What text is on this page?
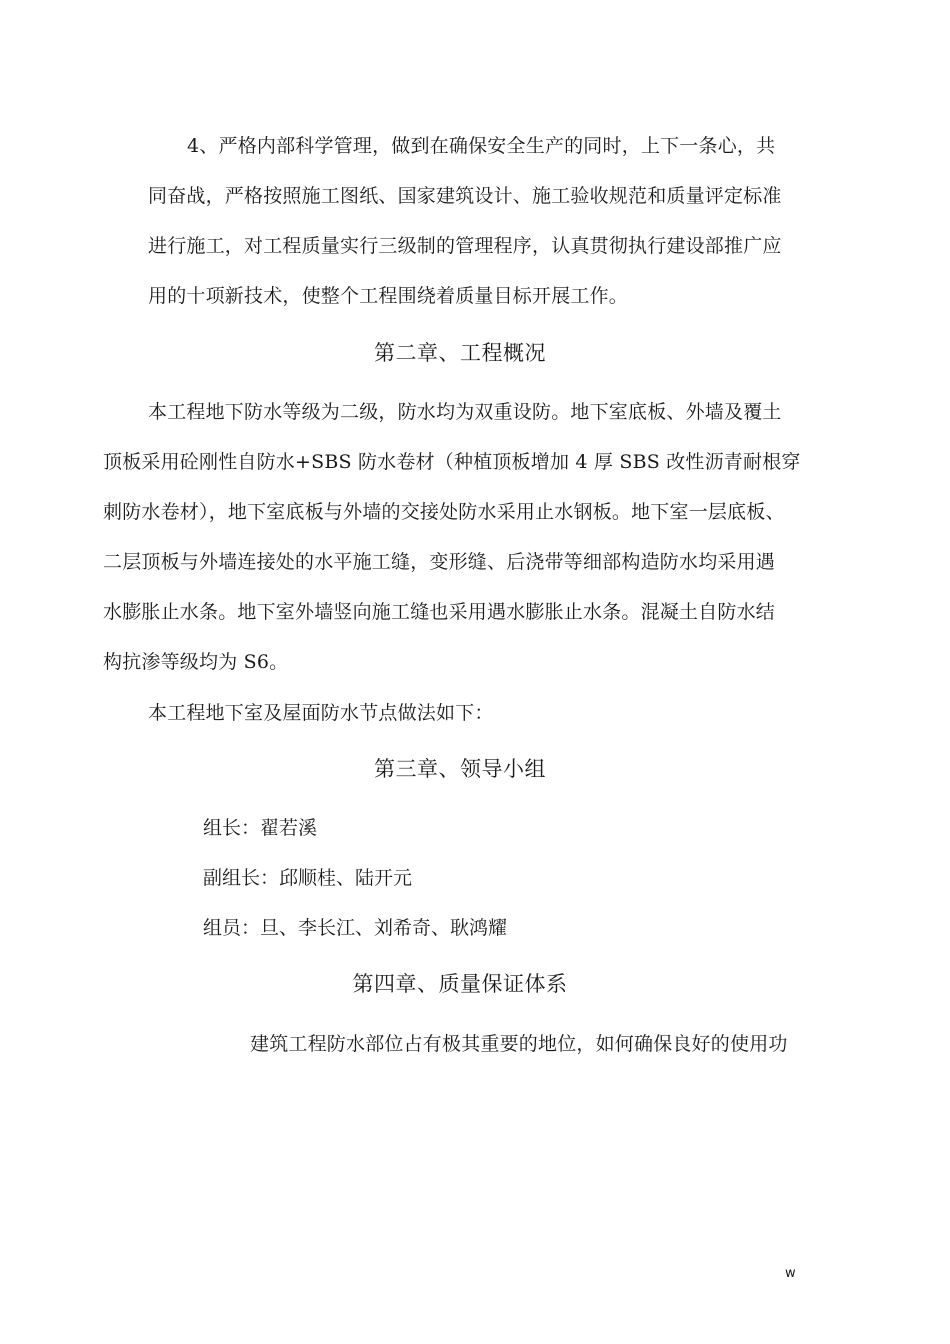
4、严格内部科学管理，做到在确保安全生产的同时，上下一条心，共
同奋战，严格按照施工图纸、国家建筑设计、施工验收规范和质量评定标准
进行施工，对工程质量实行三级制的管理程序，认真贯彻执行建设部推广应
用的十项新技术，使整个工程围绕着质量目标开展工作。
第二章、工程概况
本工程地下防水等级为二级，防水均为双重设防。地下室底板、外墙及覆土
顶板采用砼刚性自防水+SBS 防水卷材（种植顶板增加 4 厚 SBS 改性沥青耐根穿
刺防水卷材），地下室底板与外墙的交接处防水采用止水钢板。地下室一层底板、
二层顶板与外墙连接处的水平施工缝，变形缝、后浇带等细部构造防水均采用遇
水膨胀止水条。地下室外墙竖向施工缝也采用遇水膨胀止水条。混凝土自防水结
构抗渗等级均为 S6。
本工程地下室及屋面防水节点做法如下：
第三章、领导小组
组长：翟若溪
副组长：邱顺桂、陆开元
组员：旦、李长江、刘希奇、耿鸿耀
第四章、质量保证体系
建筑工程防水部位占有极其重要的地位，如何确保良好的使用功
w
